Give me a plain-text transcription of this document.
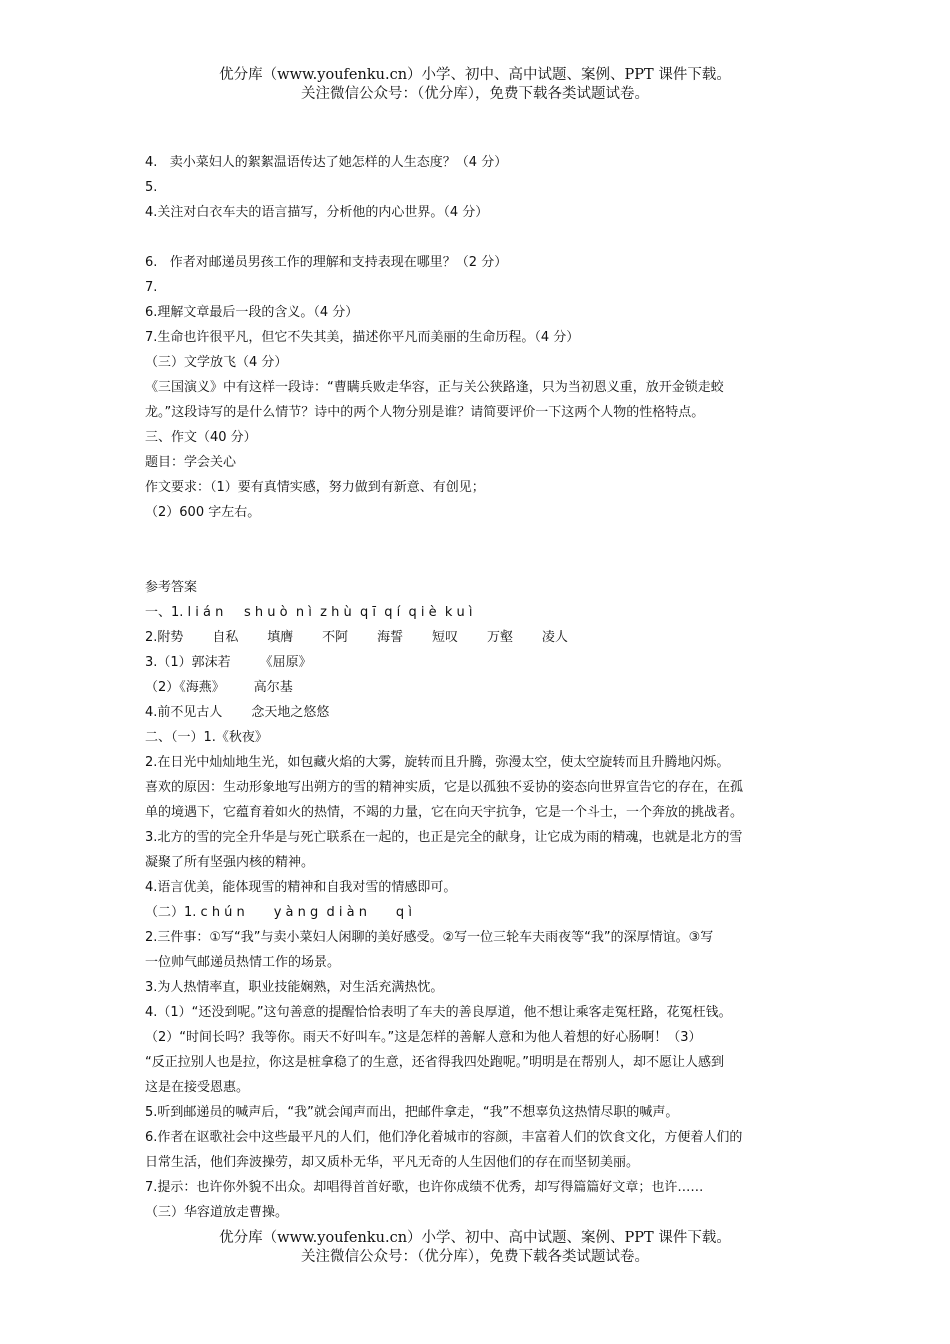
优分库（www.youfenku.cn）小学、初中、高中试题、案例、PPT 课件下载。
关注微信公众号：（优分库），免费下载各类试题试卷。
4.	卖小菜妇人的絮絮温语传达了她怎样的人生态度？（4 分）
5.
4.关注对白衣车夫的语言描写，分析他的内心世界。（4 分）
6.	作者对邮递员男孩工作的理解和支持表现在哪里？（2 分）
7.
6.理解文章最后一段的含义。（4 分）
7.生命也许很平凡，但它不失其美，描述你平凡而美丽的生命历程。（4 分）
（三）文学放飞（4 分）
《三国演义》中有这样一段诗：“曹瞒兵败走华容，正与关公狭路逢，只为当初恩义重，放开金锁走蛟
龙。”这段诗写的是什么情节？诗中的两个人物分别是谁？请简要评价一下这两个人物的性格特点。
三、作文（40 分）
题目：学会关心
作文要求：（1）要有真情实感，努力做到有新意、有创见；
（2）600 字左右。
参考答案
一、1. l i á n     s h u ò  n ì  z h ù  q ī  q í  q i è  k u ì
2.附势       自私       填膺       不阿       海誓       短叹       万壑       凌人
3.（1）郭沫若       《屈原》
（2）《海燕》       高尔基
4.前不见古人       念天地之悠悠
二、（一）1.《秋夜》
2.在日光中灿灿地生光，如包藏火焰的大雾，旋转而且升腾，弥漫太空，使太空旋转而且升腾地闪烁。
喜欢的原因：生动形象地写出朔方的雪的精神实质，它是以孤独不妥协的姿态向世界宣告它的存在，在孤
单的境遇下，它蕴育着如火的热情，不竭的力量，它在向天宇抗争，它是一个斗士，一个奔放的挑战者。
3.北方的雪的完全升华是与死亡联系在一起的，也正是完全的献身，让它成为雨的精魂，也就是北方的雪
凝聚了所有坚强内核的精神。
4.语言优美，能体现雪的精神和自我对雪的情感即可。
（二）1. c h ú n       y à n g  d i à n       q ì
2.三件事：①写“我”与卖小菜妇人闲聊的美好感受。②写一位三轮车夫雨夜等“我”的深厚情谊。③写
一位帅气邮递员热情工作的场景。
3.为人热情率直，职业技能娴熟，对生活充满热忱。
4.（1）“还没到呢。”这句善意的提醒恰恰表明了车夫的善良厚道，他不想让乘客走冤枉路，花冤枉钱。
（2）“时间长吗？我等你。雨天不好叫车。”这是怎样的善解人意和为他人着想的好心肠啊！（3）
“反正拉别人也是拉，你这是桩拿稳了的生意，还省得我四处跑呢。”明明是在帮别人，却不愿让人感到
这是在接受恩惠。
5.听到邮递员的喊声后，“我”就会闻声而出，把邮件拿走，“我”不想辜负这热情尽职的喊声。
6.作者在讴歌社会中这些最平凡的人们，他们净化着城市的容颜，丰富着人们的饮食文化，方便着人们的
日常生活，他们奔波操劳，却又质朴无华，平凡无奇的人生因他们的存在而坚韧美丽。
7.提示：也许你外貌不出众。却唱得首首好歌，也许你成绩不优秀，却写得篇篇好文章；也许……
（三）华容道放走曹操。
优分库（www.youfenku.cn）小学、初中、高中试题、案例、PPT 课件下载。
关注微信公众号：（优分库），免费下载各类试题试卷。
